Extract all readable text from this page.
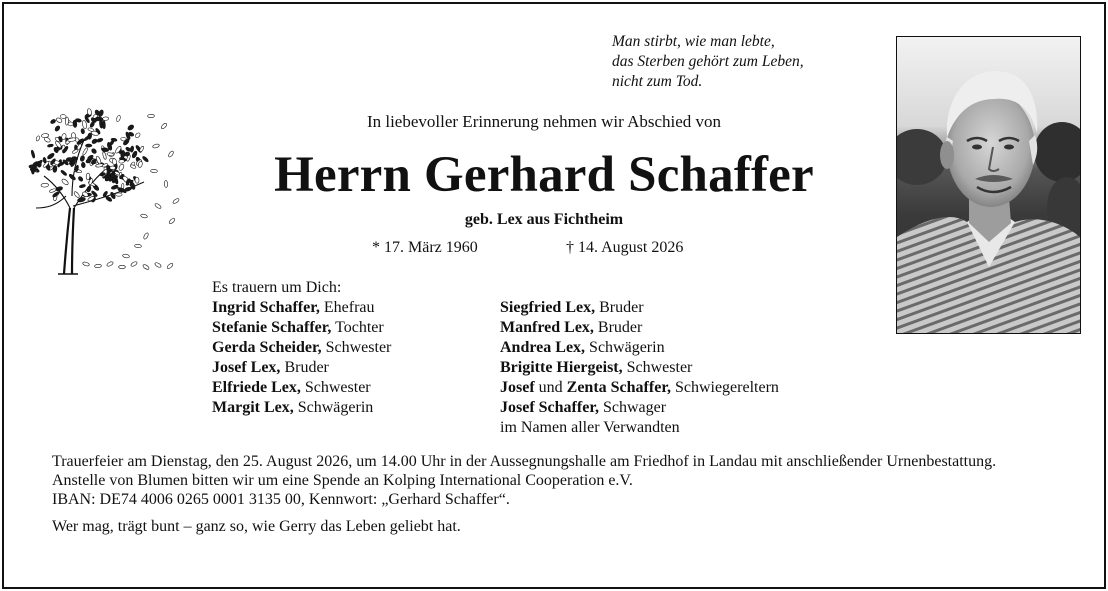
Man stirbt, wie man lebte,
das Sterben gehört zum Leben,
nicht zum Tod.
In liebevoller Erinnerung nehmen wir Abschied von
Herrn Gerhard Schaffer
geb. Lex aus Fichtheim
* 17. März 1960	† 14. August 2026
Es trauern um Dich:
Ingrid Schaffer, Ehefrau
Stefanie Schaffer, Tochter
Gerda Scheider, Schwester
Josef Lex, Bruder
Elfriede Lex, Schwester
Margit Lex, Schwägerin
Siegfried Lex, Bruder
Manfred Lex, Bruder
Andrea Lex, Schwägerin
Brigitte Hiergeist, Schwester
Josef und Zenta Schaffer, Schwiegereltern
Josef Schaffer, Schwager
im Namen aller Verwandten

Trauerfeier am Dienstag, den 25. August 2026, um 14.00 Uhr in der Aussegnungshalle am Friedhof in Landau mit anschließender Urnenbestattung.

Anstelle von Blumen bitten wir um eine Spende an Kolping International Cooperation e.V.

IBAN: DE74 4006 0265 0001 3135 00, Kennwort: „Gerhard Schaffer“.

Wer mag, trägt bunt – ganz so, wie Gerry das Leben geliebt hat.
